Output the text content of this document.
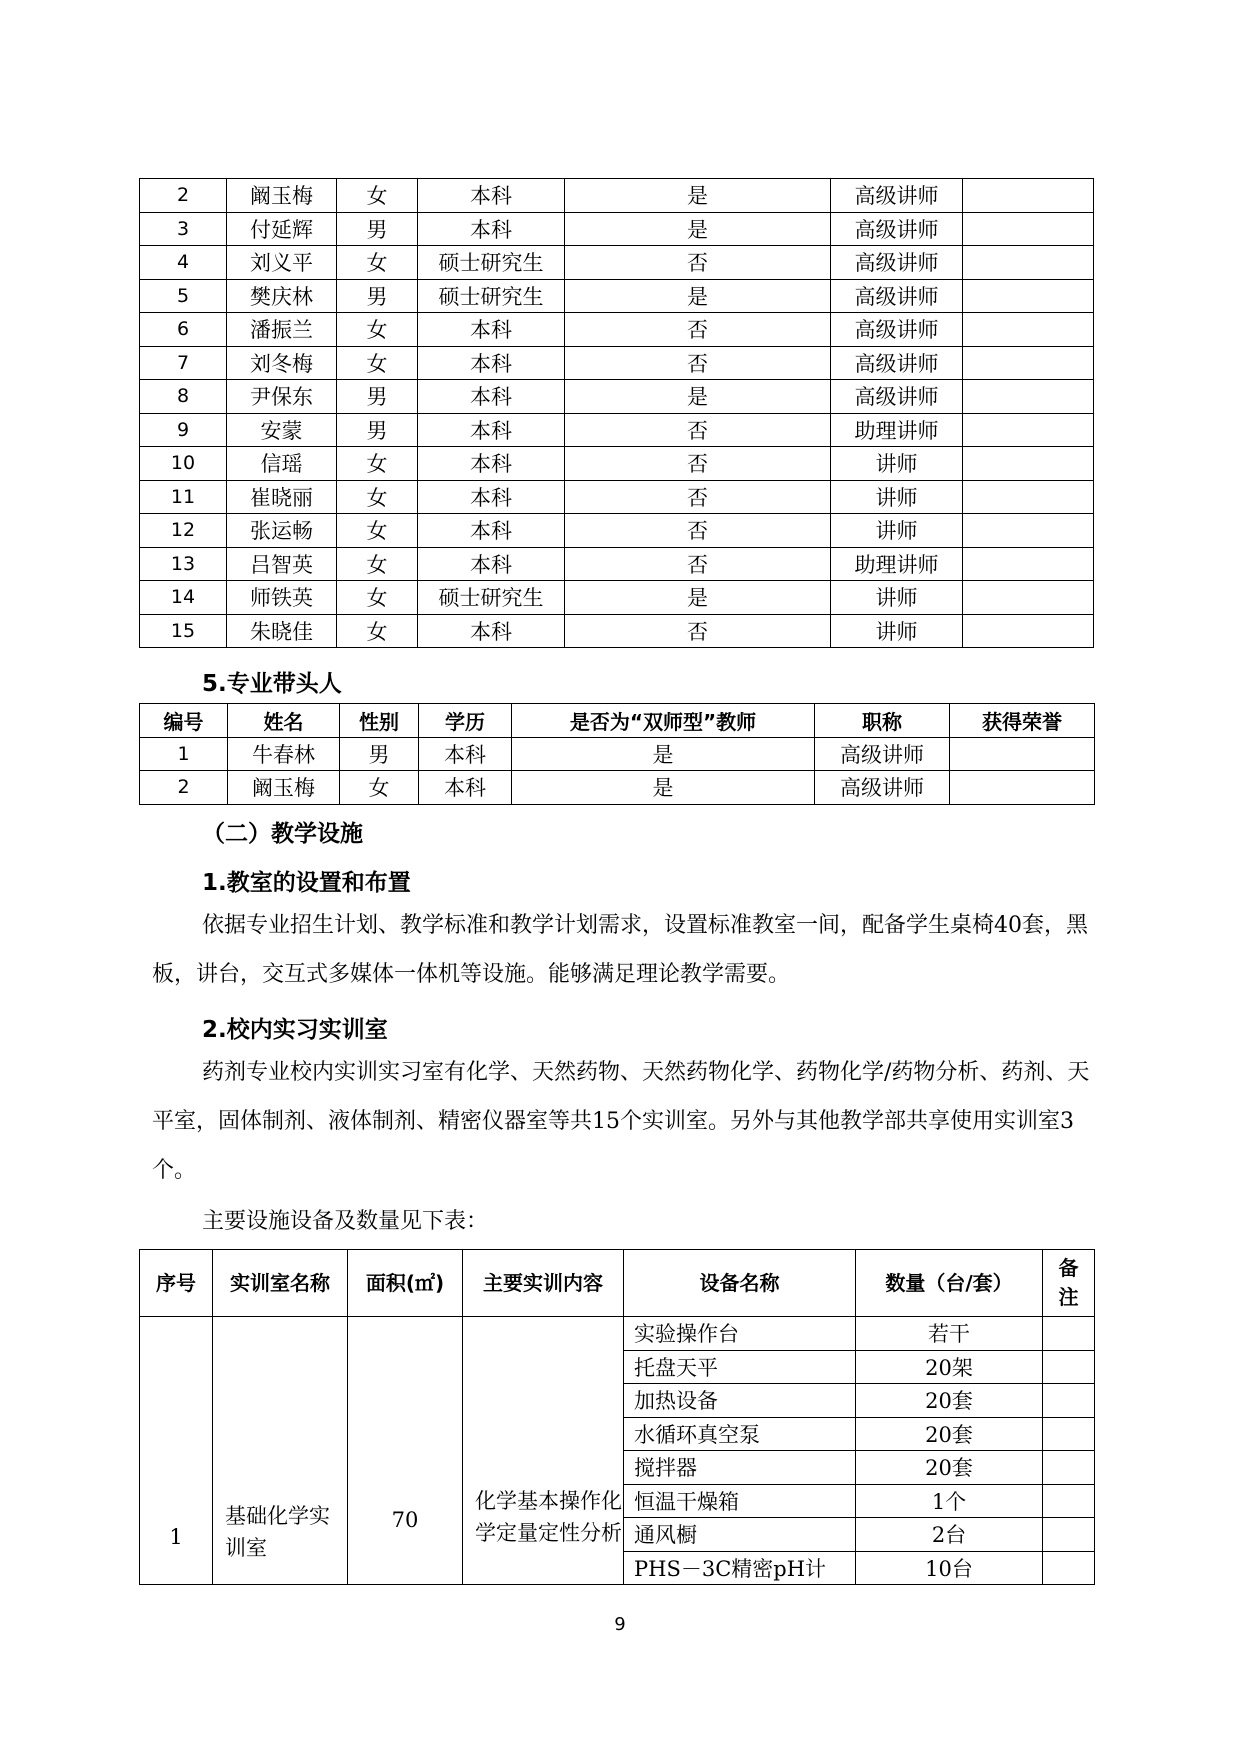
2	阚玉梅	女	本科	是	高级讲师	
3	付延辉	男	本科	是	高级讲师	
4	刘义平	女	硕士研究生	否	高级讲师	
5	樊庆林	男	硕士研究生	是	高级讲师	
6	潘振兰	女	本科	否	高级讲师	
7	刘冬梅	女	本科	否	高级讲师	
8	尹保东	男	本科	是	高级讲师	
9	安蒙	男	本科	否	助理讲师	
10	信瑶	女	本科	否	讲师	
11	崔晓丽	女	本科	否	讲师	
12	张运畅	女	本科	否	讲师	
13	吕智英	女	本科	否	助理讲师	
14	师铁英	女	硕士研究生	是	讲师	
15	朱晓佳	女	本科	否	讲师	
5.专业带头人
编号	姓名	性别	学历	是否为“双师型”教师	职称	获得荣誉
1	牛春林	男	本科	是	高级讲师	
2	阚玉梅	女	本科	是	高级讲师	
（二）教学设施
1.教室的设置和布置

依据专业招生计划、教学标准和教学计划需求，设置标准教室一间，配备学生桌椅40套，黑板，讲台，交互式多媒体一体机等设施。能够满足理论教学需要。

2.校内实习实训室

药剂专业校内实训实习室有化学、天然药物、天然药物化学、药物化学/药物分析、药剂、天平室，固体制剂、液体制剂、精密仪器室等共15个实训室。另外与其他教学部共享使用实训室3个。

主要设施设备及数量见下表：

序号	实训室名称	面积(㎡)	主要实训内容	设备名称	数量（台/套）	备注
1	基础化学实训室	70	化学基本操作化学定量定性分析	实验操作台	若干	
				托盘天平	20架	
				加热设备	20套	
				水循环真空泵	20套	
				搅拌器	20套	
				恒温干燥箱	1个	
				通风橱	2台	
				PHS－3C精密pH计	10台	
9
